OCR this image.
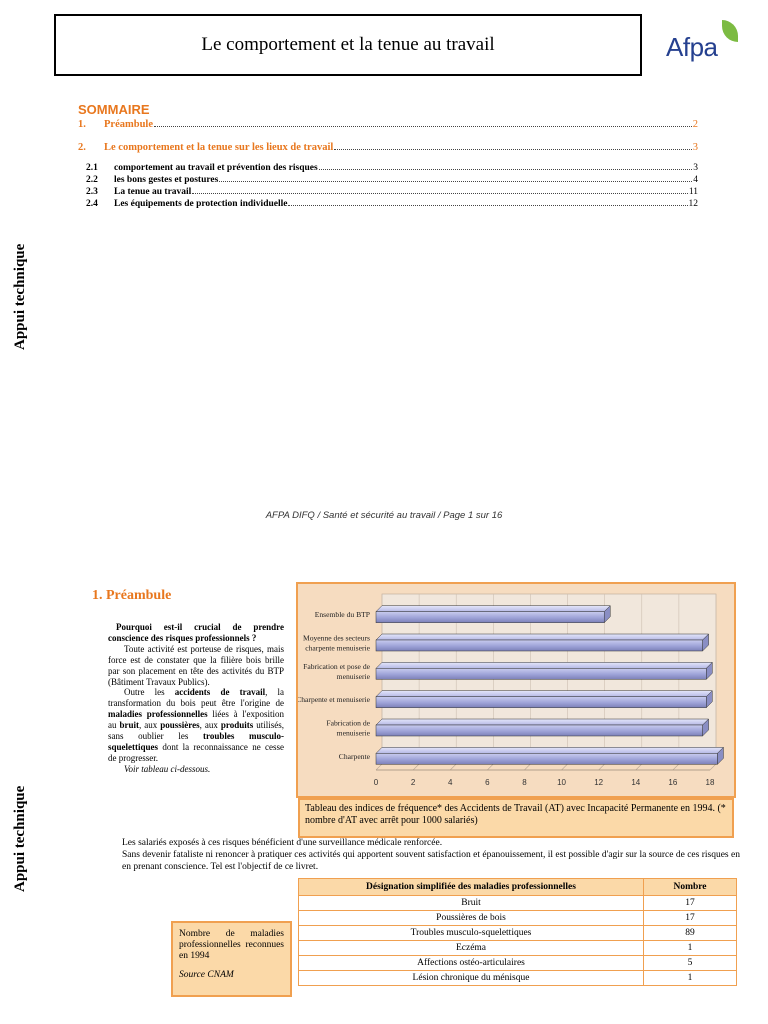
Le comportement et la tenue au travail	Afpa
Appui technique
Appui technique
SOMMAIRE
1.	Préambule	2
2.	Le comportement et la tenue sur les lieux de travail	3
2.1	comportement au travail et prévention des risques	3
2.2	les bons gestes et postures	4
2.3	La tenue au travail	11
2.4	Les équipements de protection individuelle	12
AFPA DIFQ / Santé et sécurité au travail / Page 1 sur 16
1. Préambule

Pourquoi est-il crucial de prendre conscience des risques professionnels ?

Toute activité est porteuse de risques, mais force est de constater que la filière bois brille par son placement en tête des activités du BTP (Bâtiment Travaux Publics).

Outre les accidents de travail, la transformation du bois peut être l'origine de maladies professionnelles liées à l'exposition au bruit, aux poussières, aux produits utilisés, sans oublier les troubles musculo-squelettiques dont la reconnaissance ne cesse de progresser.

Voir tableau ci-dessous.

0	2	4	6	8	10	12	14	16	18
Ensemble du BTP
Moyenne des secteurs
charpente menuiserie
Fabrication et pose de
menuiserie
Charpente et menuiserie
Fabrication de
menuiserie
Charpente
Tableau des indices de fréquence* des Accidents de Travail (AT) avec Incapacité Permanente en 1994. (* nombre d'AT avec arrêt pour 1000 salariés)
Les salariés exposés à ces risques bénéficient d'une surveillance médicale renforcée.
Sans devenir fataliste ni renoncer à pratiquer ces activités qui apportent souvent satisfaction et épanouissement, il est possible d'agir sur la source de ces risques en en prenant conscience. Tel est l'objectif de ce livret.
Nombre de maladies professionnelles reconnues en 1994
Source CNAM
Désignation simplifiée des maladies professionnelles	Nombre
Bruit	17
Poussières de bois	17
Troubles musculo-squelettiques	89
Eczéma	1
Affections ostéo-articulaires	5
Lésion chronique du ménisque	1
